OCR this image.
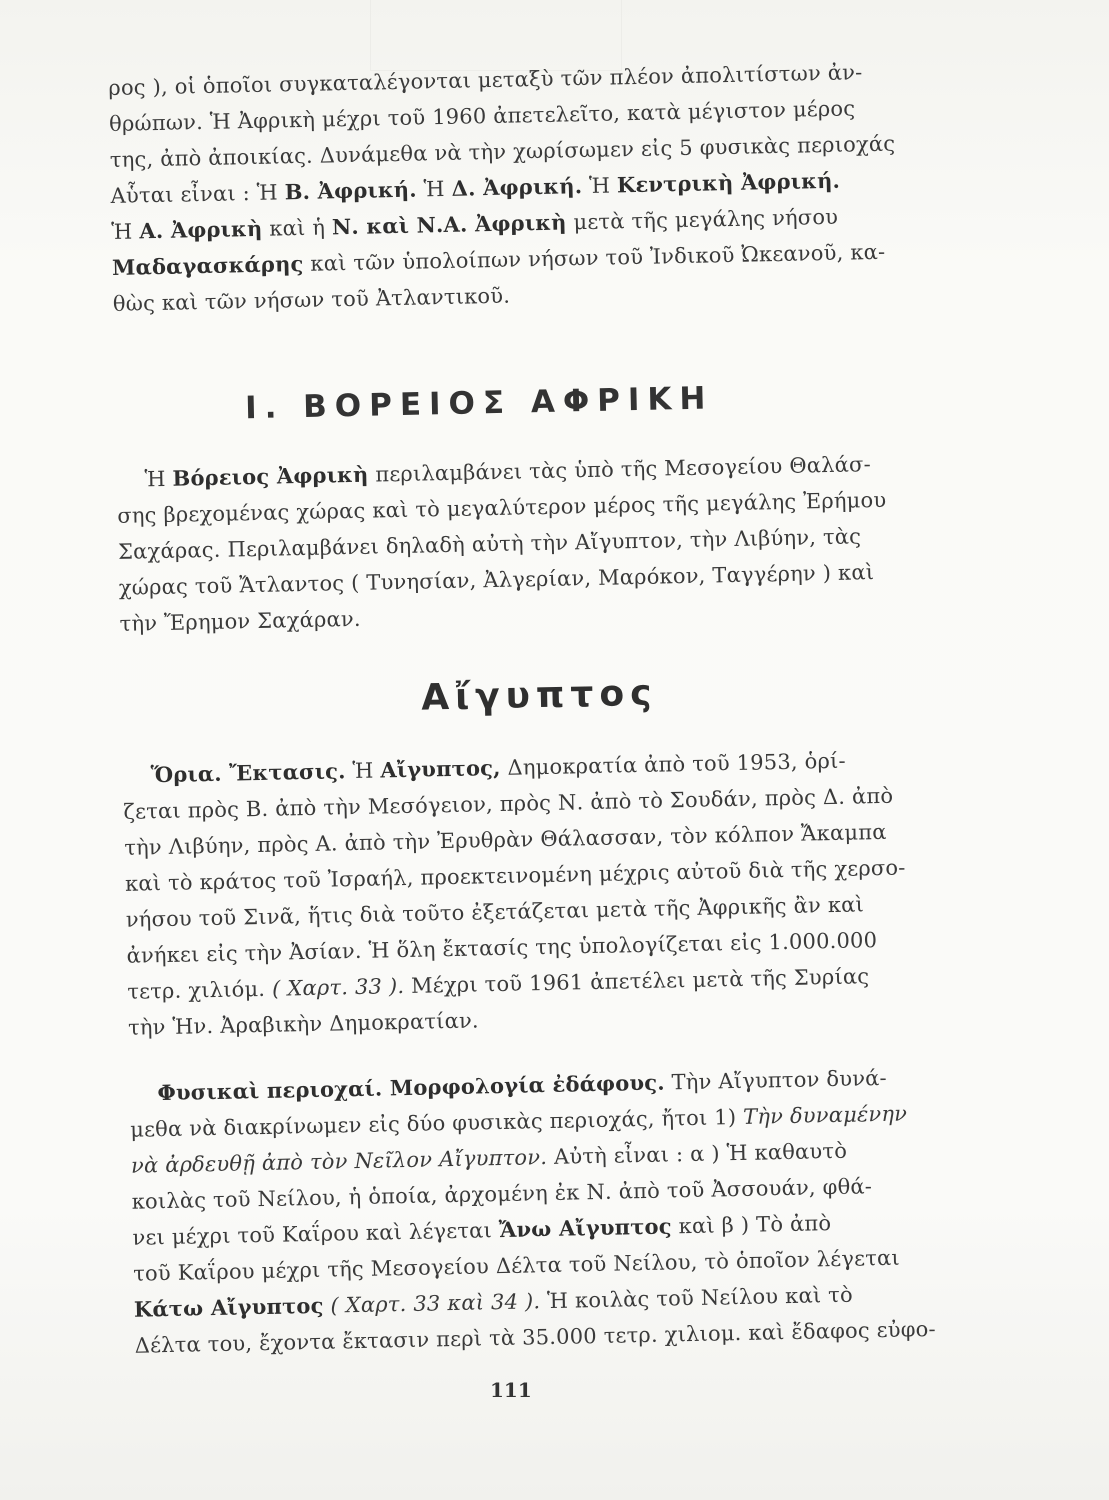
ρος ), οἱ ὁποῖοι συγκαταλέγονται μεταξὺ τῶν πλέον ἀπολιτίστων ἀν-
θρώπων. Ἡ Ἀφρικὴ μέχρι τοῦ 1960 ἀπετελεῖτο, κατὰ μέγιστον μέρος
της, ἀπὸ ἀποικίας. Δυνάμεθα νὰ τὴν χωρίσωμεν εἰς 5 φυσικὰς περιοχάς
Αὗται εἶναι : Ἡ Β. Ἀφρική. Ἡ Δ. Ἀφρική. Ἡ Κεντρικὴ Ἀφρική.
Ἡ Α. Ἀφρικὴ καὶ ἡ Ν. καὶ Ν.Α. Ἀφρικὴ μετὰ τῆς μεγάλης νήσου
Μαδαγασκάρης καὶ τῶν ὑπολοίπων νήσων τοῦ Ἰνδικοῦ Ὠκεανοῦ, κα-
θὼς καὶ τῶν νήσων τοῦ Ἀτλαντικοῦ.
I. ΒΟΡΕΙΟΣ ΑΦΡΙΚΗ
Ἡ Βόρειος Ἀφρικὴ περιλαμβάνει τὰς ὑπὸ τῆς Μεσογείου Θαλάσ-
σης βρεχομένας χώρας καὶ τὸ μεγαλύτερον μέρος τῆς μεγάλης Ἐρήμου
Σαχάρας. Περιλαμβάνει δηλαδὴ αὐτὴ τὴν Αἴγυπτον, τὴν Λιβύην, τὰς
χώρας τοῦ Ἄτλαντος ( Τυνησίαν, Ἀλγερίαν, Μαρόκον, Ταγγέρην ) καὶ
τὴν Ἔρημον Σαχάραν.
Αἴγυπτος
Ὅρια. Ἔκτασις. Ἡ Αἴγυπτος, Δημοκρατία ἀπὸ τοῦ 1953, ὁρί-
ζεται πρὸς Β. ἀπὸ τὴν Μεσόγειον, πρὸς Ν. ἀπὸ τὸ Σουδάν, πρὸς Δ. ἀπὸ
τὴν Λιβύην, πρὸς Α. ἀπὸ τὴν Ἐρυθρὰν Θάλασσαν, τὸν κόλπον Ἄκαμπα
καὶ τὸ κράτος τοῦ Ἰσραήλ, προεκτεινομένη μέχρις αὐτοῦ διὰ τῆς χερσο-
νήσου τοῦ Σινᾶ, ἥτις διὰ τοῦτο ἐξετάζεται μετὰ τῆς Ἀφρικῆς ἂν καὶ
ἀνήκει εἰς τὴν Ἀσίαν. Ἡ ὅλη ἔκτασίς της ὑπολογίζεται εἰς 1.000.000
τετρ. χιλιόμ. ( Χαρτ. 33 ). Μέχρι τοῦ 1961 ἀπετέλει μετὰ τῆς Συρίας
τὴν Ἡν. Ἀραβικὴν Δημοκρατίαν.
Φυσικαὶ περιοχαί. Μορφολογία ἐδάφους. Τὴν Αἴγυπτον δυνά-
μεθα νὰ διακρίνωμεν εἰς δύο φυσικὰς περιοχάς, ἤτοι 1) Τὴν δυναμένην
νὰ ἀρδευθῇ ἀπὸ τὸν Νεῖλον Αἴγυπτον. Αὐτὴ εἶναι : α ) Ἡ καθαυτὸ
κοιλὰς τοῦ Νείλου, ἡ ὁποία, ἀρχομένη ἐκ Ν. ἀπὸ τοῦ Ἀσσουάν, φθά-
νει μέχρι τοῦ Καΐρου καὶ λέγεται Ἄνω Αἴγυπτος καὶ β ) Τὸ ἀπὸ
τοῦ Καΐρου μέχρι τῆς Μεσογείου Δέλτα τοῦ Νείλου, τὸ ὁποῖον λέγεται
Κάτω Αἴγυπτος ( Χαρτ. 33 καὶ 34 ). Ἡ κοιλὰς τοῦ Νείλου καὶ τὸ
Δέλτα του, ἔχοντα ἔκτασιν περὶ τὰ 35.000 τετρ. χιλιομ. καὶ ἔδαφος εὐφο-
111
